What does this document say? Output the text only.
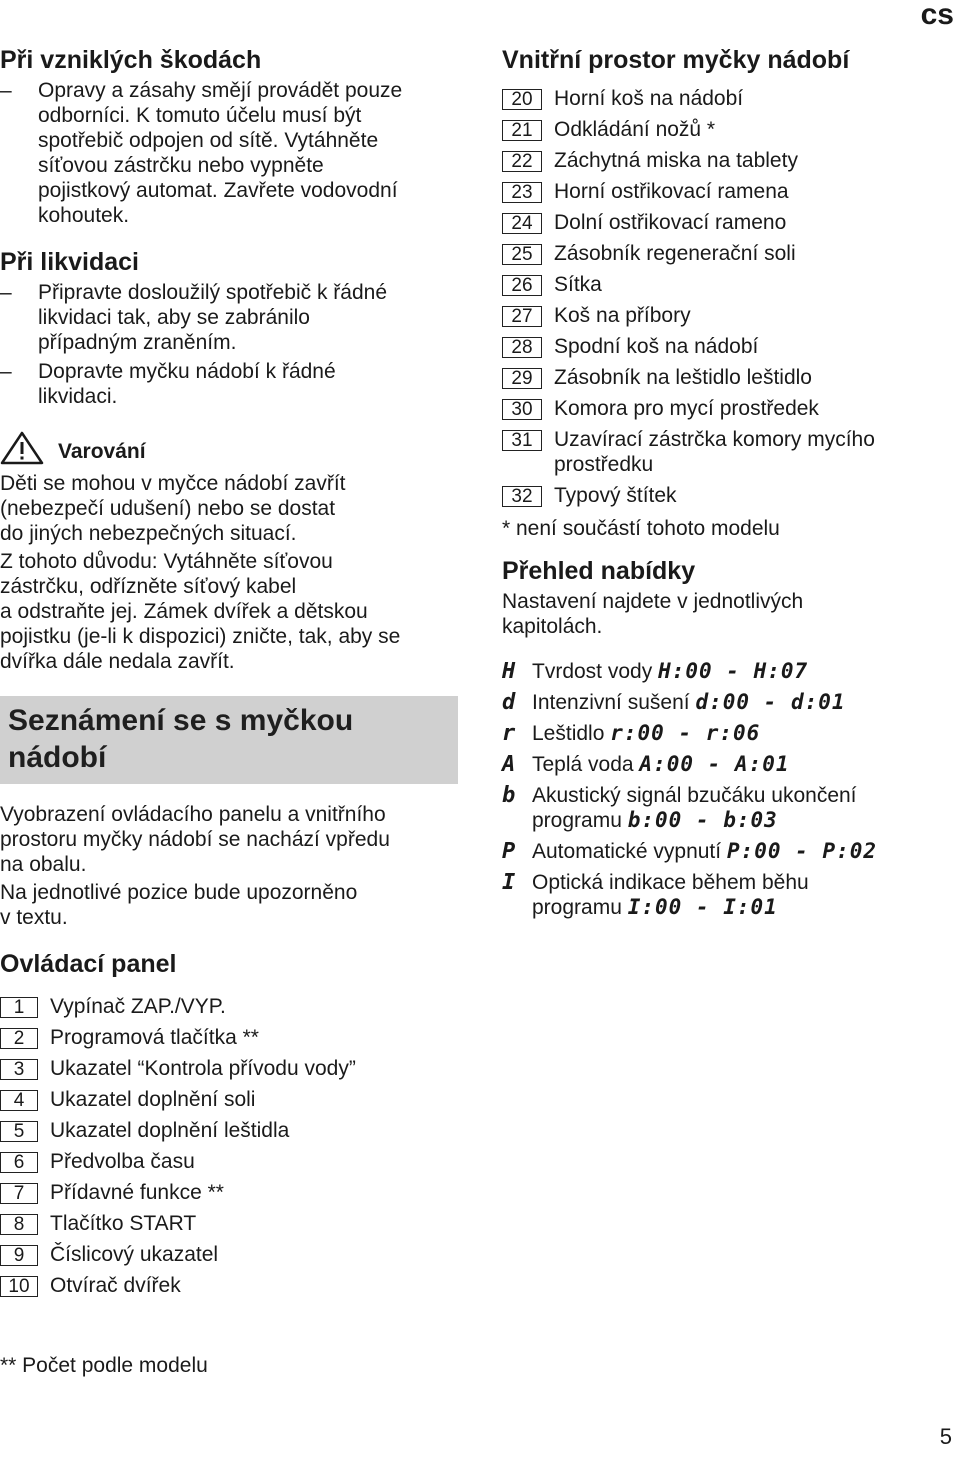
cs
Při vzniklých škodách
–	Opravy a zásahy smějí provádět pouze
odborníci. K tomuto účelu musí být
spotřebič odpojen od sítě. Vytáhněte
síťovou zástrčku nebo vypněte
pojistkový automat. Zavřete vodovodní
kohoutek.
Při likvidaci
–	Připravte dosloužilý spotřebič k řádné
likvidaci tak, aby se zabránilo
případným zraněním.
–	Dopravte myčku nádobí k řádné
likvidaci.
Varování
Děti se mohou v myčce nádobí zavřít
(nebezpečí udušení) nebo se dostat
do jiných nebezpečných situací.
Z tohoto důvodu: Vytáhněte síťovou
zástrčku, odřízněte síťový kabel
a odstraňte jej. Zámek dvířek a dětskou
pojistku (je-li k dispozici) zničte, tak, aby se
dvířka dále nedala zavřít.
Seznámení se s myčkou
nádobí
Vyobrazení ovládacího panelu a vnitřního
prostoru myčky nádobí se nachází vpředu
na obalu.
Na jednotlivé pozice bude upozorněno
v textu.
Ovládací panel
1	Vypínač ZAP./VYP.
2	Programová tlačítka **
3	Ukazatel “Kontrola přívodu vody”
4	Ukazatel doplnění soli
5	Ukazatel doplnění leštidla
6	Předvolba času
7	Přídavné funkce **
8	Tlačítko START
9	Číslicový ukazatel
10 Otvírač dvířek
** Počet podle modelu
Vnitřní prostor myčky nádobí
20	Horní koš na nádobí
21	Odkládání nožů *
22	Záchytná miska na tablety
23	Horní ostřikovací ramena
24	Dolní ostřikovací rameno
25	Zásobník regenerační soli
26	Sítka
27	Koš na příbory
28	Spodní koš na nádobí
29	Zásobník na leštidlo leštidlo
30	Komora pro mycí prostředek
31	Uzavírací zástrčka komory mycího
prostředku
32	Typový štítek
* není součástí tohoto modelu
Přehled nabídky
Nastavení najdete v jednotlivých
kapitolách.
H Tvrdost vody H:00 - H:07
d Intenzivní sušení d:00 - d:01
r Leštidlo r:00 - r:06
A Teplá voda A:00 - A:01
b Akustický signál bzučáku ukončení
programu b:00 - b:03
P Automatické vypnutí P:00 - P:02
I Optická indikace během běhu
programu I:00 - I:01
5
